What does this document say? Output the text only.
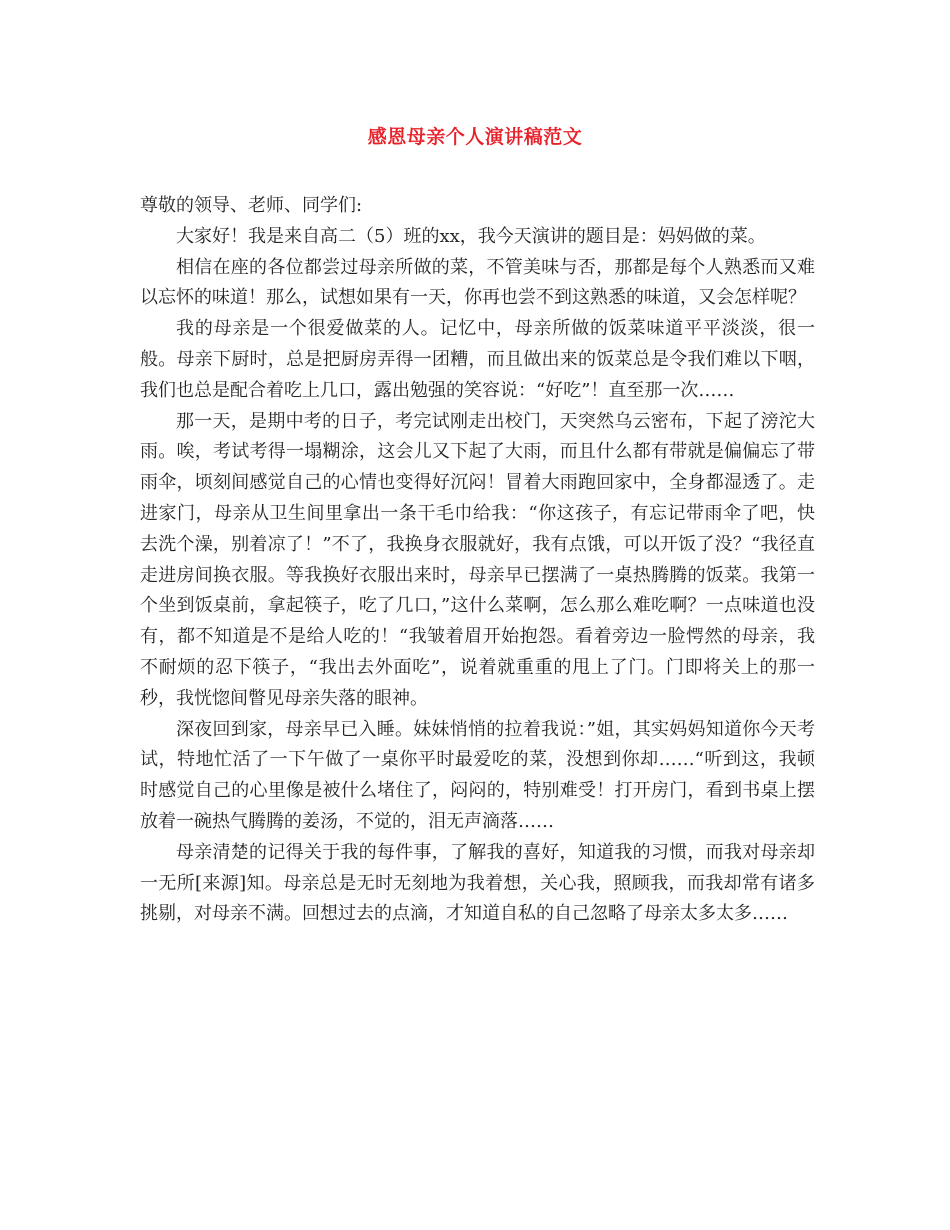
感恩母亲个人演讲稿范文

尊敬的领导、老师、同学们:

大家好！我是来自高二（5）班的xx，我今天演讲的题目是：妈妈做的菜。

相信在座的各位都尝过母亲所做的菜，不管美味与否，那都是每个人熟悉而又难以忘怀的味道！那么，试想如果有一天，你再也尝不到这熟悉的味道，又会怎样呢？

我的母亲是一个很爱做菜的人。记忆中，母亲所做的饭菜味道平平淡淡，很一般。母亲下厨时，总是把厨房弄得一团糟，而且做出来的饭菜总是令我们难以下咽，我们也总是配合着吃上几口，露出勉强的笑容说：“好吃”！直至那一次……

那一天，是期中考的日子，考完试刚走出校门，天突然乌云密布，下起了滂沱大雨。唉，考试考得一塌糊涂，这会儿又下起了大雨，而且什么都有带就是偏偏忘了带雨伞，顷刻间感觉自己的心情也变得好沉闷！冒着大雨跑回家中，全身都湿透了。走进家门，母亲从卫生间里拿出一条干毛巾给我：“你这孩子，有忘记带雨伞了吧，快去洗个澡，别着凉了！”不了，我换身衣服就好，我有点饿，可以开饭了没？“我径直走进房间换衣服。等我换好衣服出来时，母亲早已摆满了一桌热腾腾的饭菜。我第一个坐到饭桌前，拿起筷子，吃了几口，”这什么菜啊，怎么那么难吃啊？一点味道也没有，都不知道是不是给人吃的！“我皱着眉开始抱怨。看着旁边一脸愕然的母亲，我不耐烦的忍下筷子，“我出去外面吃”，说着就重重的甩上了门。门即将关上的那一秒，我恍惚间瞥见母亲失落的眼神。

深夜回到家，母亲早已入睡。妹妹悄悄的拉着我说：”姐，其实妈妈知道你今天考试，特地忙活了一下午做了一桌你平时最爱吃的菜，没想到你却……“听到这，我顿时感觉自己的心里像是被什么堵住了，闷闷的，特别难受！打开房门，看到书桌上摆放着一碗热气腾腾的姜汤，不觉的，泪无声滴落……

母亲清楚的记得关于我的每件事，了解我的喜好，知道我的习惯，而我对母亲却一无所[来源]知。母亲总是无时无刻地为我着想，关心我，照顾我，而我却常有诸多挑剔，对母亲不满。回想过去的点滴，才知道自私的自己忽略了母亲太多太多……
